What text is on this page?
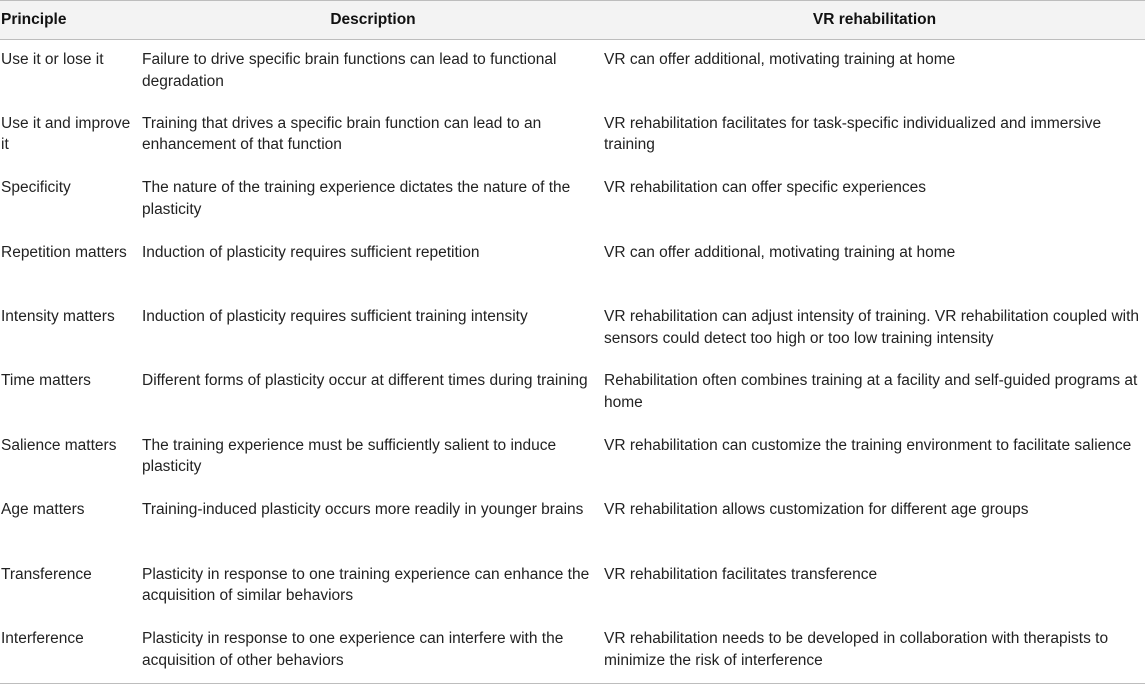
Principle	Description	VR rehabilitation
Use it or lose it	Failure to drive specific brain functions can lead to functional degradation	VR can offer additional, motivating training at home
Use it and improve it	Training that drives a specific brain function can lead to an enhancement of that function	VR rehabilitation facilitates for task-specific individualized and immersive training
Specificity	The nature of the training experience dictates the nature of the plasticity	VR rehabilitation can offer specific experiences
Repetition matters	Induction of plasticity requires sufficient repetition	VR can offer additional, motivating training at home
Intensity matters	Induction of plasticity requires sufficient training intensity	VR rehabilitation can adjust intensity of training. VR rehabilitation coupled with sensors could detect too high or too low training intensity
Time matters	Different forms of plasticity occur at different times during training	Rehabilitation often combines training at a facility and self-guided programs at home
Salience matters	The training experience must be sufficiently salient to induce plasticity	VR rehabilitation can customize the training environment to facilitate salience
Age matters	Training-induced plasticity occurs more readily in younger brains	VR rehabilitation allows customization for different age groups
Transference	Plasticity in response to one training experience can enhance the acquisition of similar behaviors	VR rehabilitation facilitates transference
Interference	Plasticity in response to one experience can interfere with the acquisition of other behaviors	VR rehabilitation needs to be developed in collaboration with therapists to minimize the risk of interference
